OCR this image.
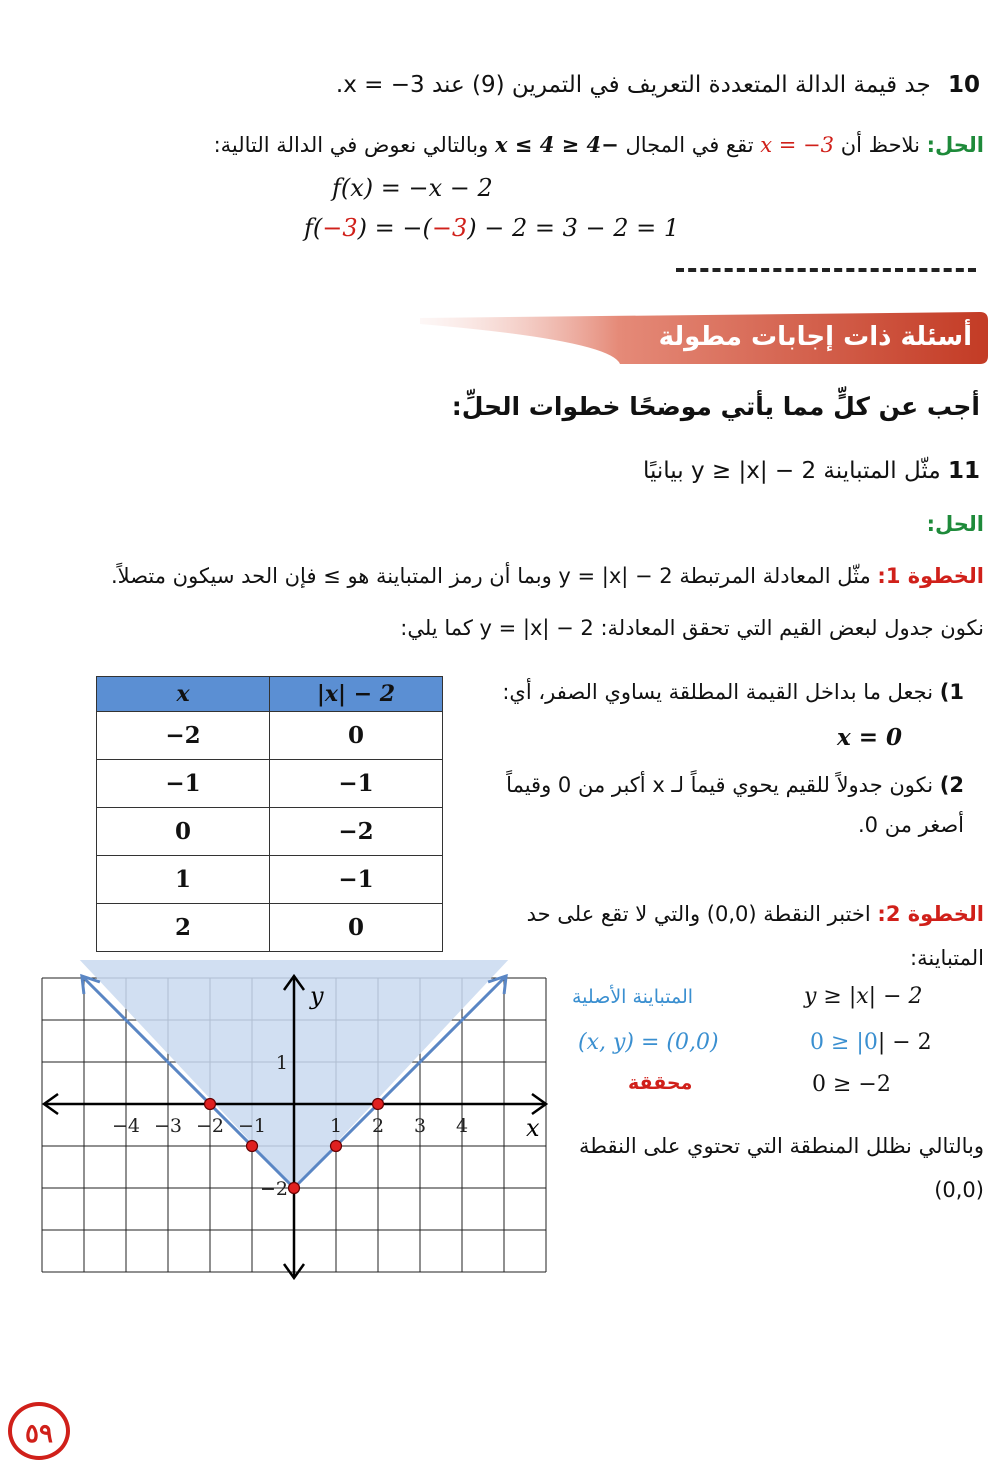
10 جد قيمة الدالة المتعددة التعريف في التمرين (9) عند x = −3.
الحل: نلاحظ أن x = −3 تقع في المجال −4 ≤ x ≤ 4 وبالتالي نعوض في الدالة التالية:
f(x) = −x − 2
f(−3) = −(−3) − 2 = 3 − 2 = 1
أسئلة ذات إجابات مطولة
أجب عن كلٍّ مما يأتي موضحًا خطوات الحلِّ:
11 مثّل المتباينة y ≥ |x| − 2 بيانيًا
الحل:
الخطوة 1: مثّل المعادلة المرتبطة y = |x| − 2 وبما أن رمز المتباينة هو ≥ فإن الحد سيكون متصلاً.
نكون جدول لبعض القيم التي تحقق المعادلة: y = |x| − 2 كما يلي:
1) نجعل ما بداخل القيمة المطلقة يساوي الصفر، أي:
x = 0
2) نكون جدولاً للقيم يحوي قيماً لـ x أكبر من 0 وقيماً أصغر من 0.
x	|x| − 2
−2	0
−1	−1
0	−2
1	−1
2	0	الخطوة 2: اختبر النقطة (0,0) والتي لا تقع على حد المتباينة:
y ≥ |x| − 2
المتباينة الأصلية
0 ≥ |0| − 2
(x, y) = (0,0)
0 ≥ −2
محققة
وبالتالي نظلل المنطقة التي تحتوي على النقطة (0,0)
−4 −3 −2 −1	1 2 3 4
1
−2
x
y
٥٩
